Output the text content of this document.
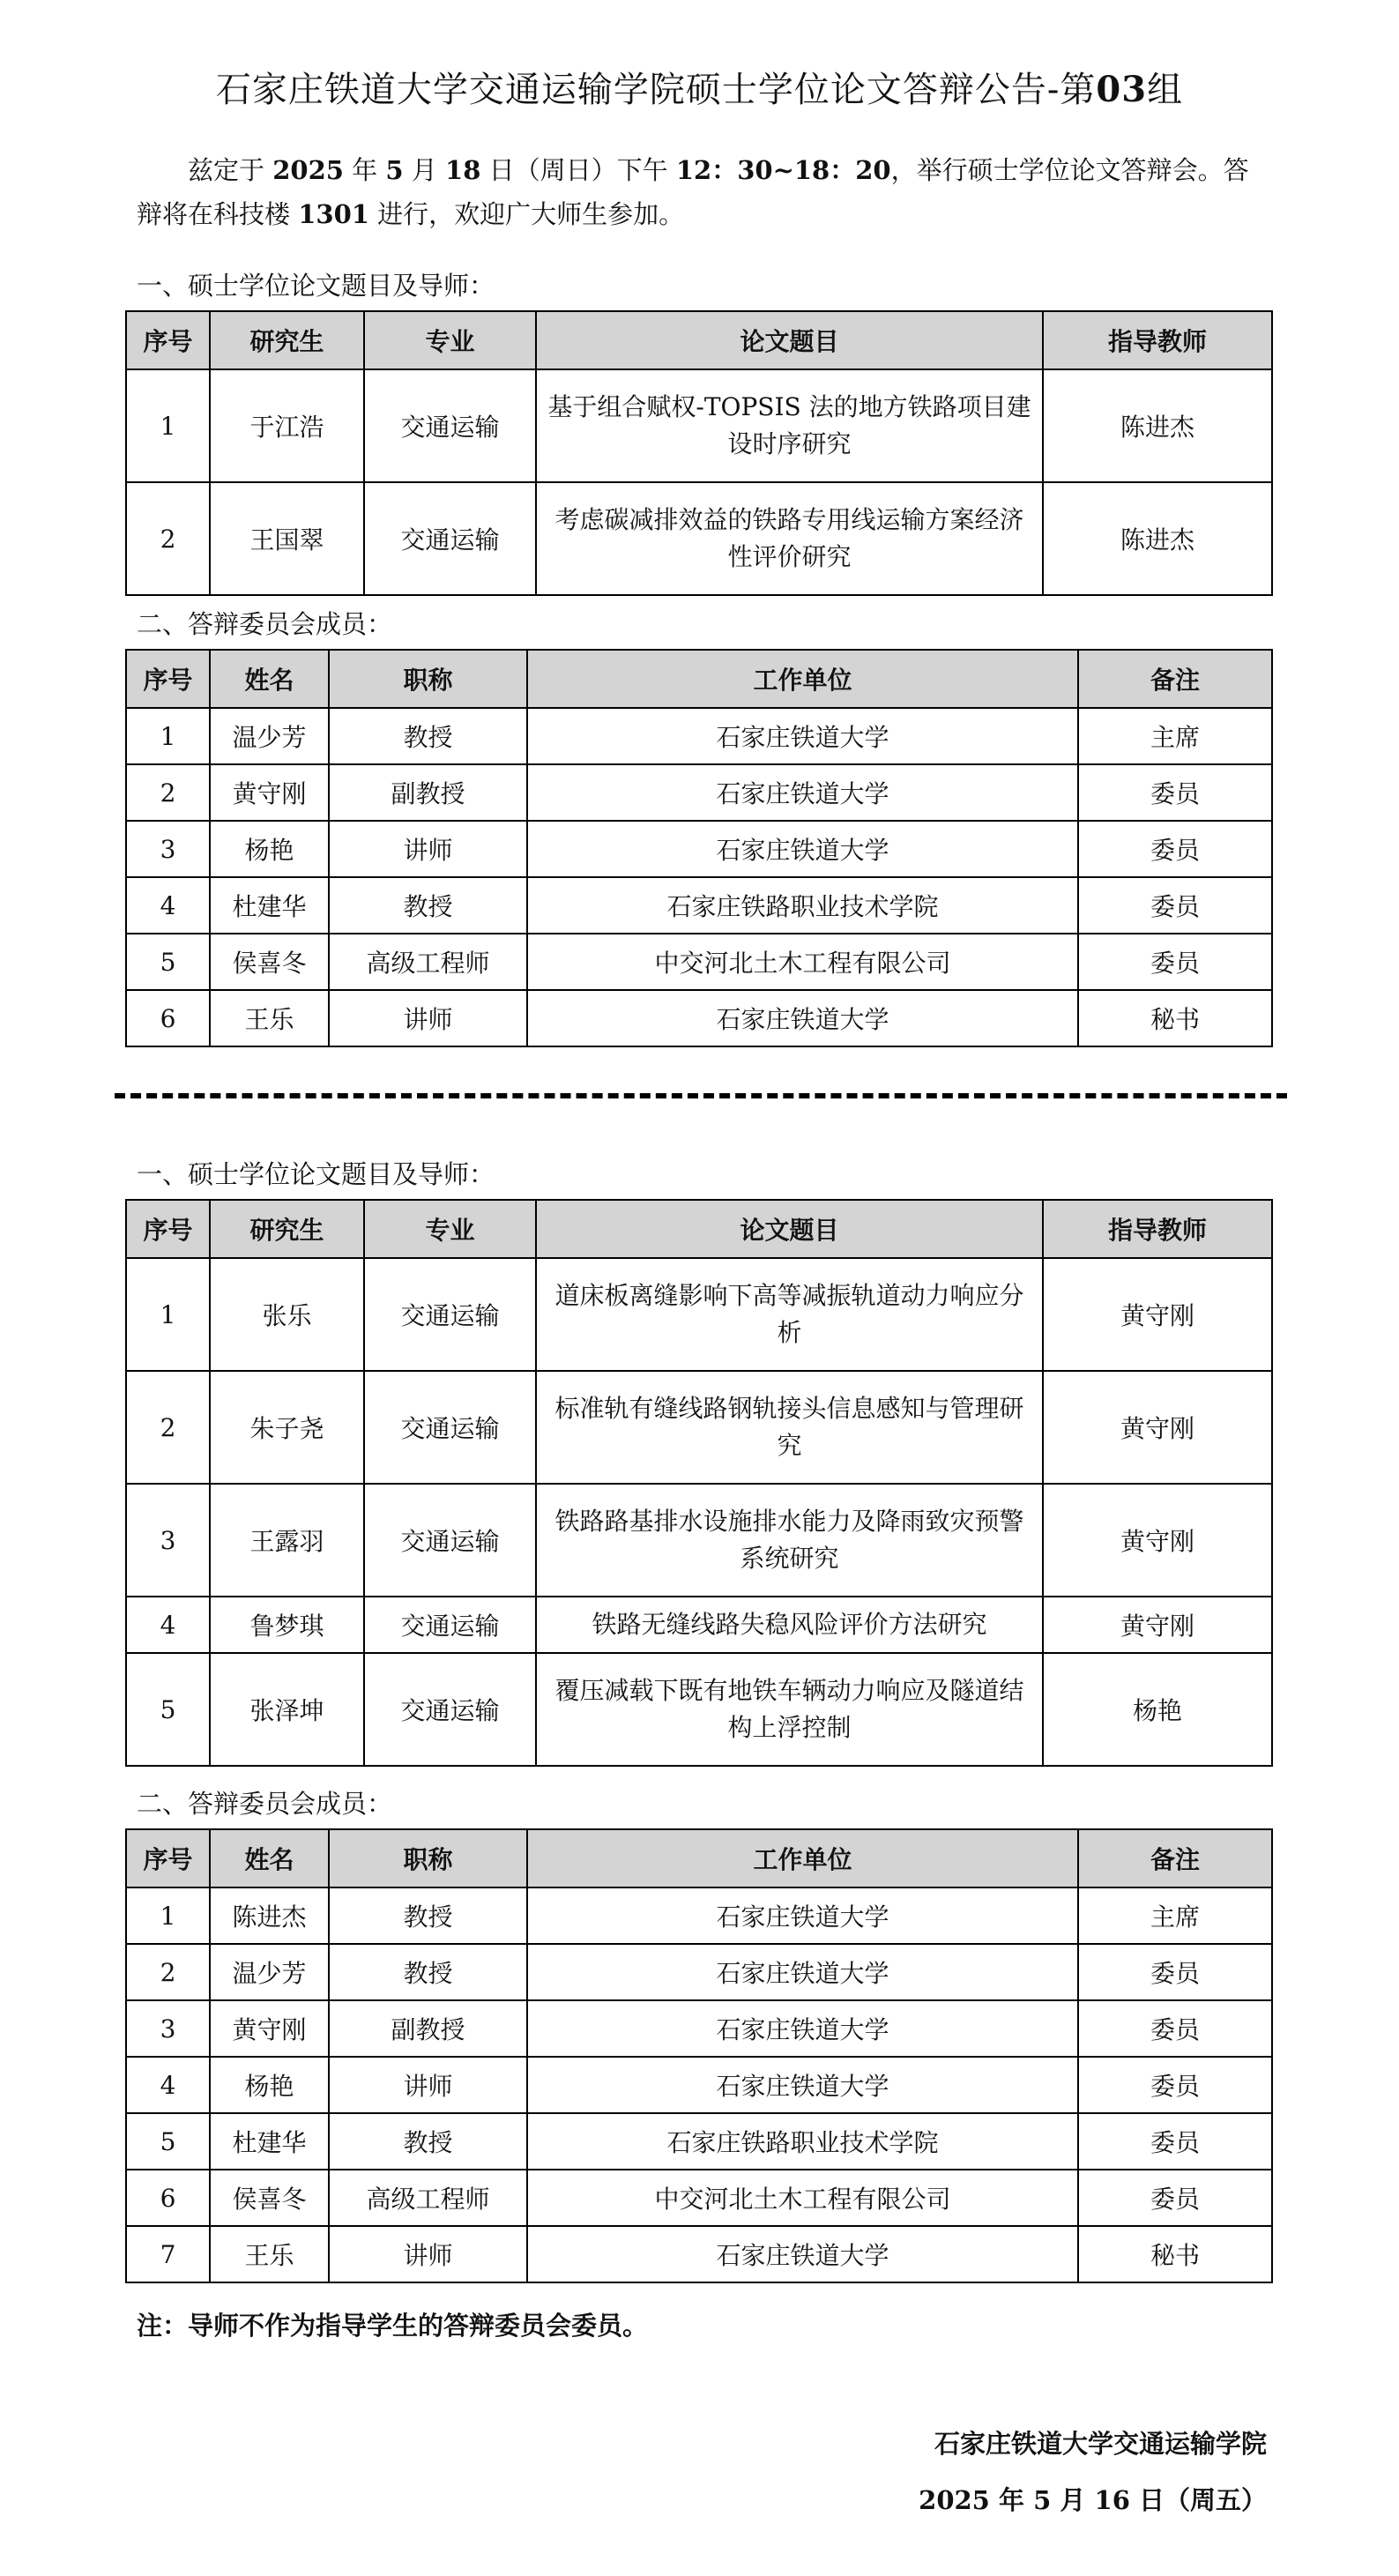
石家庄铁道大学交通运输学院硕士学位论文答辩公告-第03组

兹定于 2025 年 5 月 18 日（周日）下午 12：30~18：20，举行硕士学位论文答辩会。答辩将在科技楼 1301 进行，欢迎广大师生参加。

一、硕士学位论文题目及导师：
序号	研究生	专业	论文题目	指导教师
1	于江浩	交通运输	基于组合赋权-TOPSIS 法的地方铁路项目建设时序研究	陈进杰
2	王国翠	交通运输	考虑碳减排效益的铁路专用线运输方案经济性评价研究	陈进杰
二、答辩委员会成员：
序号	姓名	职称	工作单位	备注
1	温少芳	教授	石家庄铁道大学	主席
2	黄守刚	副教授	石家庄铁道大学	委员
3	杨艳	讲师	石家庄铁道大学	委员
4	杜建华	教授	石家庄铁路职业技术学院	委员
5	侯喜冬	高级工程师	中交河北土木工程有限公司	委员
6	王乐	讲师	石家庄铁道大学	秘书
一、硕士学位论文题目及导师：
序号	研究生	专业	论文题目	指导教师
1	张乐	交通运输	道床板离缝影响下高等减振轨道动力响应分析	黄守刚
2	朱子尧	交通运输	标准轨有缝线路钢轨接头信息感知与管理研究	黄守刚
3	王露羽	交通运输	铁路路基排水设施排水能力及降雨致灾预警系统研究	黄守刚
4	鲁梦琪	交通运输	铁路无缝线路失稳风险评价方法研究	黄守刚
5	张泽坤	交通运输	覆压减载下既有地铁车辆动力响应及隧道结构上浮控制	杨艳
二、答辩委员会成员：
序号	姓名	职称	工作单位	备注
1	陈进杰	教授	石家庄铁道大学	主席
2	温少芳	教授	石家庄铁道大学	委员
3	黄守刚	副教授	石家庄铁道大学	委员
4	杨艳	讲师	石家庄铁道大学	委员
5	杜建华	教授	石家庄铁路职业技术学院	委员
6	侯喜冬	高级工程师	中交河北土木工程有限公司	委员
7	王乐	讲师	石家庄铁道大学	秘书
注：导师不作为指导学生的答辩委员会委员。
石家庄铁道大学交通运输学院
2025 年 5 月 16 日（周五）
